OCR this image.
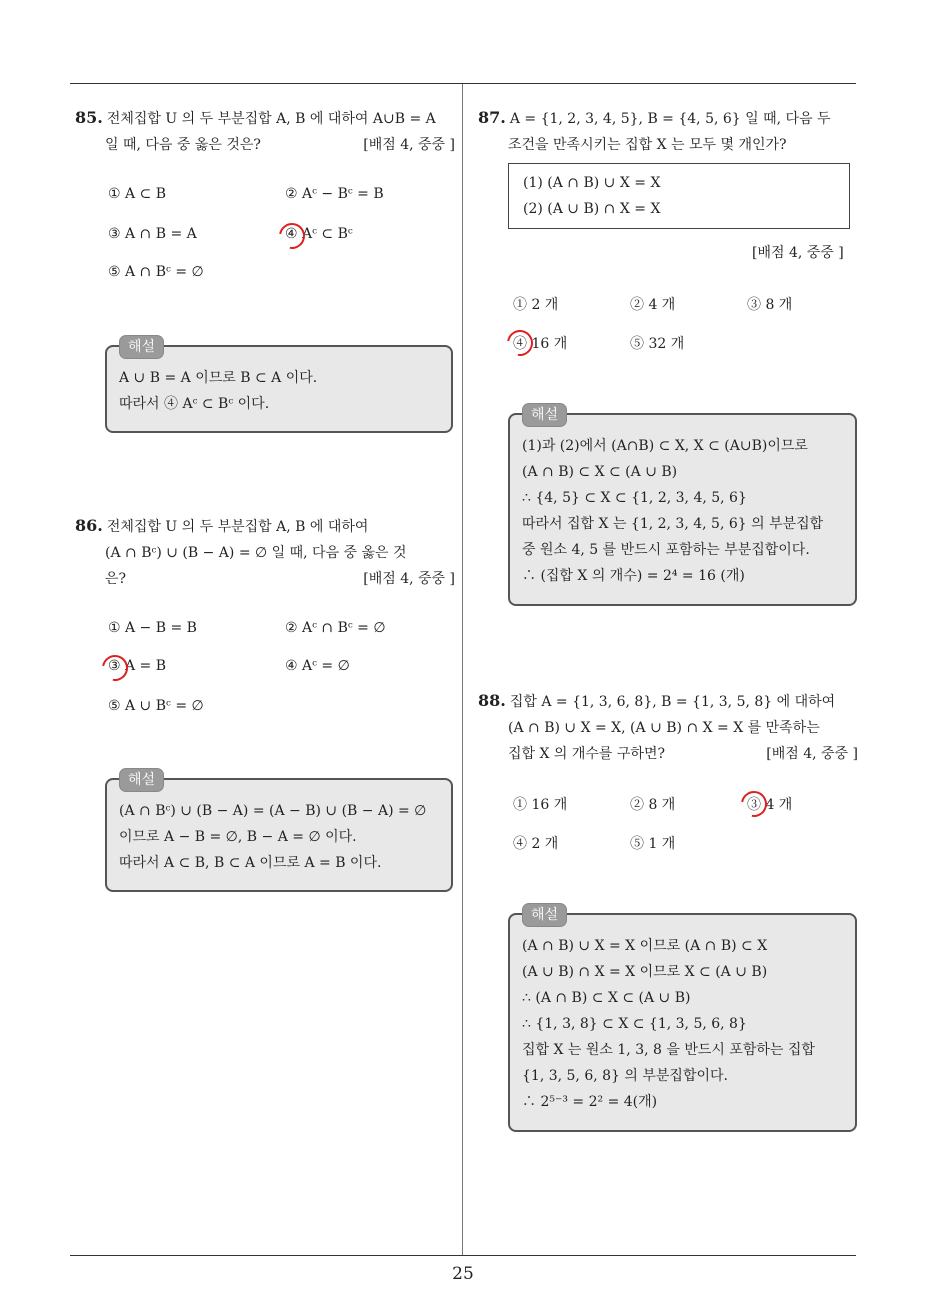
85. 전체집합 U 의 두 부분집합 A, B 에 대하여 A∪B = A
일 때, 다음 중 옳은 것은?	[배점 4, 중중 ]
① A ⊂ B	② Aᶜ − Bᶜ = B
③ A ∩ B = A	④ Aᶜ ⊂ Bᶜ
⑤ A ∩ Bᶜ = ∅
해설
A ∪ B = A 이므로 B ⊂ A 이다.
따라서 ④ Aᶜ ⊂ Bᶜ 이다.
86. 전체집합 U 의 두 부분집합 A, B 에 대하여
(A ∩ Bᶜ) ∪ (B − A) = ∅ 일 때, 다음 중 옳은 것
은?	[배점 4, 중중 ]
① A − B = B	② Aᶜ ∩ Bᶜ = ∅
③ A = B	④ Aᶜ = ∅
⑤ A ∪ Bᶜ = ∅
해설
(A ∩ Bᶜ) ∪ (B − A) = (A − B) ∪ (B − A) = ∅
이므로 A − B = ∅, B − A = ∅ 이다.
따라서 A ⊂ B, B ⊂ A 이므로 A = B 이다.
87. A = {1, 2, 3, 4, 5}, B = {4, 5, 6} 일 때, 다음 두
조건을 만족시키는 집합 X 는 모두 몇 개인가?
(1) (A ∩ B) ∪ X = X
(2) (A ∪ B) ∩ X = X
[배점 4, 중중 ]
① 2 개	② 4 개	③ 8 개
④ 16 개	⑤ 32 개
해설
(1)과 (2)에서 (A∩B) ⊂ X, X ⊂ (A∪B)이므로
(A ∩ B) ⊂ X ⊂ (A ∪ B)
∴ {4, 5} ⊂ X ⊂ {1, 2, 3, 4, 5, 6}
따라서 집합 X 는 {1, 2, 3, 4, 5, 6} 의 부분집합
중 원소 4, 5 를 반드시 포함하는 부분집합이다.
∴ (집합 X 의 개수) = 2⁴ = 16 (개)
88. 집합 A = {1, 3, 6, 8}, B = {1, 3, 5, 8} 에 대하여
(A ∩ B) ∪ X = X, (A ∪ B) ∩ X = X 를 만족하는
집합 X 의 개수를 구하면?	[배점 4, 중중 ]
① 16 개	② 8 개	③ 4 개
④ 2 개	⑤ 1 개
해설
(A ∩ B) ∪ X = X 이므로 (A ∩ B) ⊂ X
(A ∪ B) ∩ X = X 이므로 X ⊂ (A ∪ B)
∴ (A ∩ B) ⊂ X ⊂ (A ∪ B)
∴ {1, 3, 8} ⊂ X ⊂ {1, 3, 5, 6, 8}
집합 X 는 원소 1, 3, 8 을 반드시 포함하는 집합
{1, 3, 5, 6, 8} 의 부분집합이다.
∴ 2⁵⁻³ = 2² = 4(개)
25
